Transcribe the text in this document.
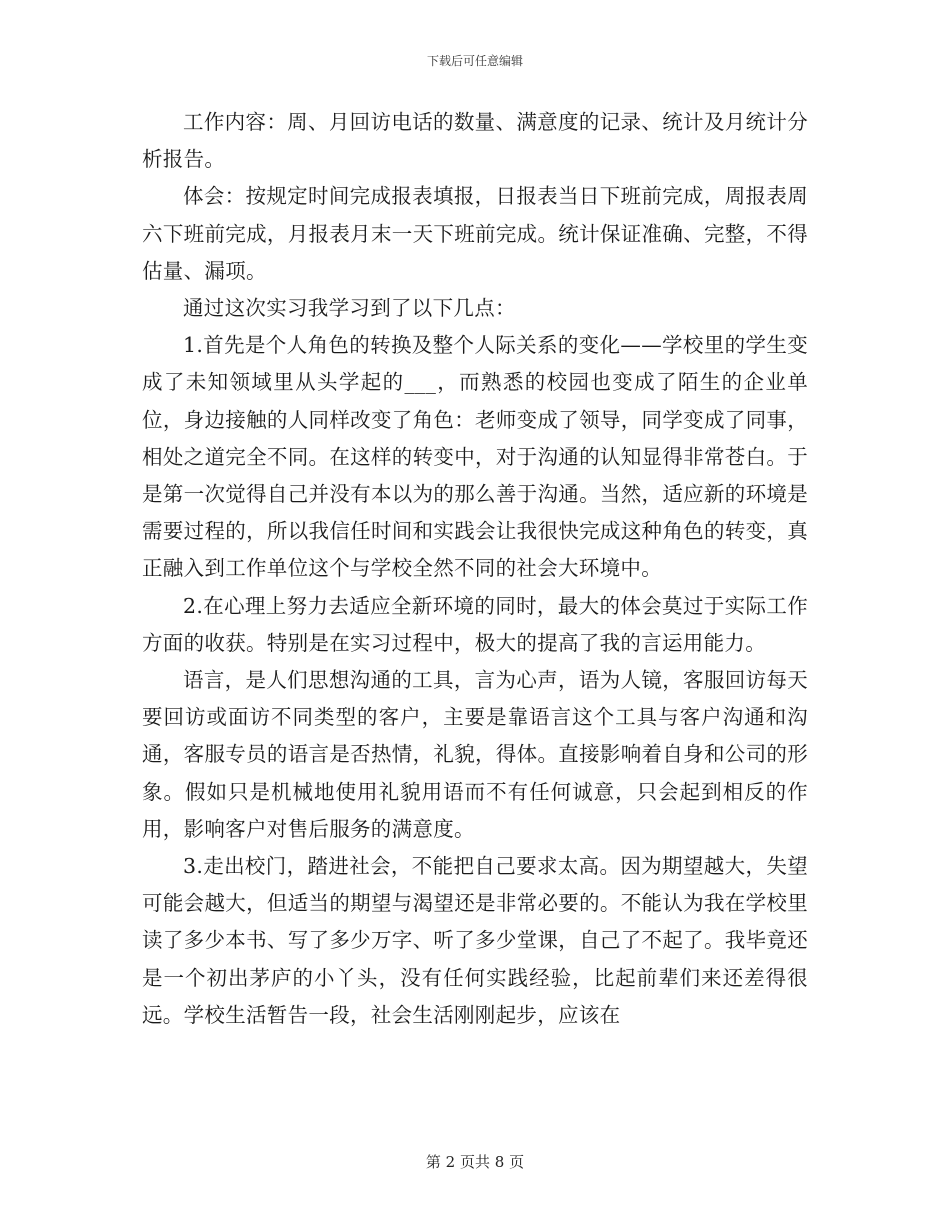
下载后可任意编辑

工作内容：周、月回访电话的数量、满意度的记录、统计及月统计分析报告。

体会：按规定时间完成报表填报，日报表当日下班前完成，周报表周六下班前完成，月报表月末一天下班前完成。统计保证准确、完整，不得估量、漏项。

通过这次实习我学习到了以下几点：

1.首先是个人角色的转换及整个人际关系的变化——学校里的学生变成了未知领域里从头学起的___，而熟悉的校园也变成了陌生的企业单位，身边接触的人同样改变了角色：老师变成了领导，同学变成了同事，相处之道完全不同。在这样的转变中，对于沟通的认知显得非常苍白。于是第一次觉得自己并没有本以为的那么善于沟通。当然，适应新的环境是需要过程的，所以我信任时间和实践会让我很快完成这种角色的转变，真正融入到工作单位这个与学校全然不同的社会大环境中。

2.在心理上努力去适应全新环境的同时，最大的体会莫过于实际工作方面的收获。特别是在实习过程中，极大的提高了我的言运用能力。

语言，是人们思想沟通的工具，言为心声，语为人镜，客服回访每天要回访或面访不同类型的客户，主要是靠语言这个工具与客户沟通和沟通，客服专员的语言是否热情，礼貌，得体。直接影响着自身和公司的形象。假如只是机械地使用礼貌用语而不有任何诚意，只会起到相反的作用，影响客户对售后服务的满意度。

3.走出校门，踏进社会，不能把自己要求太高。因为期望越大，失望可能会越大，但适当的期望与渴望还是非常必要的。不能认为我在学校里读了多少本书、写了多少万字、听了多少堂课，自己了不起了。我毕竟还是一个初出茅庐的小丫头，没有任何实践经验，比起前辈们来还差得很远。学校生活暂告一段，社会生活刚刚起步，应该在

第 2 页共 8 页
